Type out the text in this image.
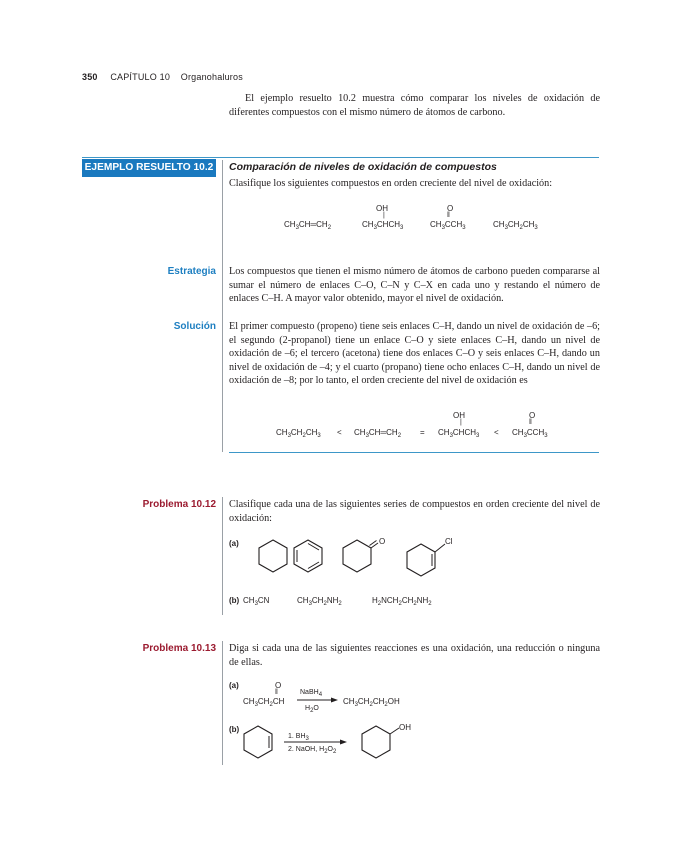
350 CAPÍTULO 10 Organohaluros
El ejemplo resuelto 10.2 muestra cómo comparar los niveles de oxidación de diferentes compuestos con el mismo número de átomos de carbono.
EJEMPLO RESUELTO 10.2 Comparación de niveles de oxidación de compuestos
Clasifique los siguientes compuestos en orden creciente del nivel de oxidación:
$CH_3CH═CH_2$
OH
|
$CH_3CHCH_3$
O
‖
$CH_3CCH_3$	$CH_3CH_2CH_3$
Estrategia Los compuestos que tienen el mismo número de átomos de carbono pueden compararse al sumar el número de enlaces C–O, C–N y C–X en cada uno y restando el número de enlaces C–H. A mayor valor obtenido, mayor el nivel de oxidación.
Solución El primer compuesto (propeno) tiene seis enlaces C–H, dando un nivel de oxidación de –6; el segundo (2-propanol) tiene un enlace C–O y siete enlaces C–H, dando un nivel de oxidación de –6; el tercero (acetona) tiene dos enlaces C–O y seis enlaces C–H, dando un nivel de oxidación de –4; y el cuarto (propano) tiene ocho enlaces C–H, dando un nivel de oxidación de –8; por lo tanto, el orden creciente del nivel de oxidación es
$CH_3CH_2CH_3$ < $CH_3CH═CH_2$ =
OH
|
$CH_3CHCH_3$ <
O
‖
$CH_3CCH_3$
Problema 10.12 Clasifique cada una de las siguientes series de compuestos en orden creciente del nivel de oxidación:
(a)	O	Cl
(b) $CH_3CN$	$CH_3CH_2NH_2$	$H_2NCH_2CH_2NH_2$
Problema 10.13 Diga si cada una de las siguientes reacciones es una oxidación, una reducción o ninguna de ellas.
(a)	O
‖
$CH_3CH_2CH$
NaBH$_4$
$H_2O$
$CH_3CH_2CH_2OH$
(b)	OH
1. $BH_3$
2. NaOH, $H_2O_2$
